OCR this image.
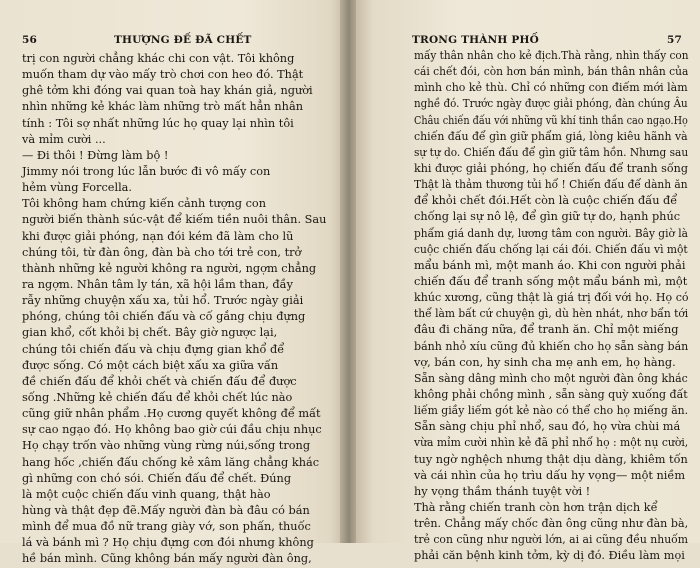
56	THƯỢNG ĐẾ ĐÃ CHẾT
trị con người chẳng khác chi con vật. Tôi không
muốn tham dự vào mấy trò chơi con heo đó. Thật
ghê tởm khi đóng vai quan toà hay khán giả, người
nhìn những kẻ khác làm những trò mất hẳn nhân
tính : Tôi sợ nhất những lúc họ quay lại nhìn tôi
và mỉm cười ...
— Đi thôi ! Đừng làm bộ !
Jimmy nói trong lúc lẫn bước đi vô mấy con
hẻm vùng Forcella.
Tôi không ham chứng kiến cảnh tượng con
người biến thành súc-vật để kiếm tiền nuôi thân. Sau
khi được giải phóng, nạn đói kém đã làm cho lũ
chúng tôi, từ đàn ông, đàn bà cho tới trẻ con, trở
thành những kẻ người không ra người, ngợm chẳng
ra ngợm. Nhân tâm ly tán, xã hội lầm than, đầy
rẫy những chuyện xấu xa, tủi hổ. Trước ngày giải
phóng, chúng tôi chiến đấu và cố gắng chịu đựng
gian khổ, cốt khỏi bị chết. Bây giờ ngược lại,
chúng tôi chiến đấu và chịu đựng gian khổ để
được sống. Có một cách biệt xấu xa giữa vấn
đề chiến đấu để khỏi chết và chiến đấu để được
sống .Những kẻ chiến đấu để khỏi chết lúc nào
cũng giữ nhân phẩm .Họ cương quyết không để mất
sự cao ngạo đó. Họ không bao giờ cúi đầu chịu nhục
Họ chạy trốn vào những vùng rừng núi,sống trong
hang hốc ,chiến đấu chống kẻ xâm lăng chẳng khác
gì những con chó sói. Chiến đấu để chết. Đúng
là một cuộc chiến đấu vinh quang, thật hào
hùng và thật đẹp đẽ.Mấy người đàn bà đâu có bán
mình để mua đồ nữ trang giày vớ, son phấn, thuốc
lá và bánh mì ? Họ chịu đựng cơn đói nhưng không
hề bán mình. Cũng không bán mấy người đàn ông,
TRONG THÀNH PHỐ	57
mấy thân nhân cho kẻ địch.Thà rằng, nhìn thấy con
cái chết đói, còn hơn bán mình, bán thân nhân của
mình cho kẻ thù. Chỉ có những con điếm mới làm
nghề đó. Trước ngày được giải phóng, đàn chúng Âu
Châu chiến đấu với những vũ khí tinh thần cao ngạo.Họ
chiến đấu để gìn giữ phẩm giá, lòng kiêu hãnh và
sự tự do. Chiến đấu để gìn giữ tâm hồn. Nhưng sau
khi được giải phóng, họ chiến đấu để tranh sống
Thật là thảm thương tủi hổ ! Chiến đấu để dành ăn
để khỏi chết đói.Hết còn là cuộc chiến đấu để
chống lại sự nô lệ, để gìn giữ tự do, hạnh phúc
phẩm giá danh dự, lương tâm con người. Bây giờ là
cuộc chiến đấu chống lại cái đói. Chiến đấu vì một
mẩu bánh mì, một manh áo. Khi con người phải
chiến đấu để tranh sống một mẩu bánh mì, một
khúc xương, cũng thật là giá trị đối với họ. Họ có
thể làm bất cứ chuyện gì, dù hèn nhát, nhơ bẩn tới
đâu đi chăng nữa, để tranh ăn. Chỉ một miếng
bánh nhỏ xíu cũng đủ khiến cho họ sẵn sàng bán
vợ, bán con, hy sinh cha mẹ anh em, họ hàng.
Sẵn sàng dâng mình cho một người đàn ông khác
không phải chồng mình , sẵn sàng quỳ xuống đất
liếm giầy liếm gót kẻ nào có thể cho họ miếng ăn.
Sẵn sàng chịu phỉ nhổ, sau đó, họ vừa chùi má
vừa mỉm cười nhìn kẻ đã phỉ nhổ họ : một nụ cười,
tuy ngờ nghệch nhưng thật dịu dàng, khiêm tốn
và cái nhìn của họ trìu dấu hy vọng— một niềm
hy vọng thầm thánh tuyệt vời !
Thà rằng chiến tranh còn hơn trận dịch kể
trên. Chẳng mấy chốc đàn ông cũng như đàn bà,
trẻ con cũng như người lớn, ai ai cũng đều nhuốm
phải căn bệnh kinh tởm, kỳ dị đó. Điều làm mọi
